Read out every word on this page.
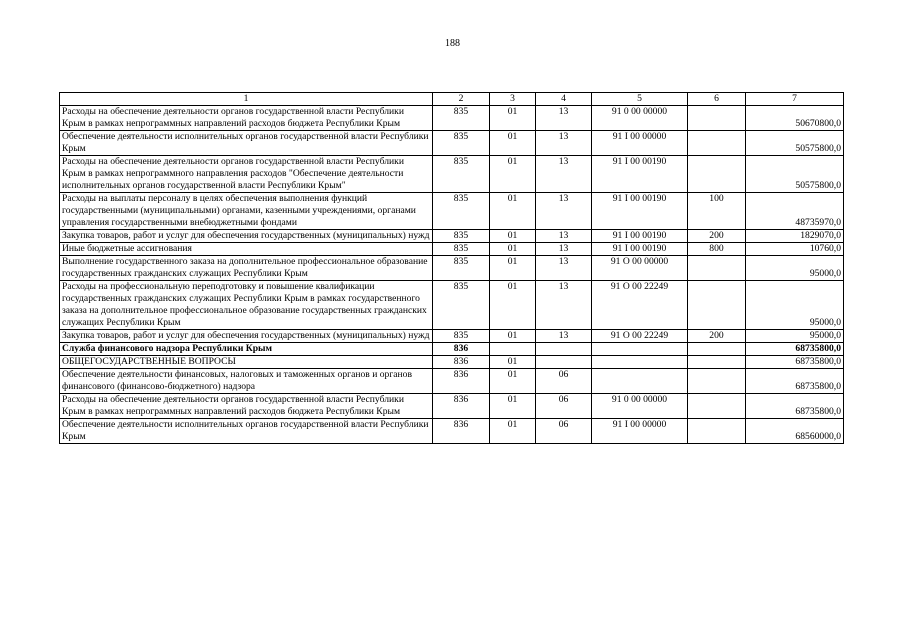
188
1	2	3	4	5	6	7
Расходы на обеспечение деятельности органов государственной власти Республики Крым в рамках непрограммных направлений расходов бюджета Республики Крым	835	01	13	91 0 00 00000		50670800,0
Обеспечение деятельности исполнительных органов государственной власти Республики Крым	835	01	13	91 I 00 00000		50575800,0
Расходы на обеспечение деятельности органов государственной власти Республики Крым в рамках непрограммного направления расходов "Обеспечение деятельности исполнительных органов государственной власти Республики Крым"	835	01	13	91 I 00 00190		50575800,0
Расходы на выплаты персоналу в целях обеспечения выполнения функций государственными (муниципальными) органами, казенными учреждениями, органами управления государственными внебюджетными фондами	835	01	13	91 I 00 00190	100	48735970,0
Закупка товаров, работ и услуг для обеспечения государственных (муниципальных) нужд	835	01	13	91 I 00 00190	200	1829070,0
Иные бюджетные ассигнования	835	01	13	91 I 00 00190	800	10760,0
Выполнение государственного заказа на дополнительное профессиональное образование государственных гражданских служащих Республики Крым	835	01	13	91 O 00 00000		95000,0
Расходы на профессиональную переподготовку и повышение квалификации государственных гражданских служащих Республики Крым в рамках государственного заказа на дополнительное профессиональное образование государственных гражданских служащих Республики Крым	835	01	13	91 O 00 22249		95000,0
Закупка товаров, работ и услуг для обеспечения государственных (муниципальных) нужд	835	01	13	91 O 00 22249	200	95000,0
Служба финансового надзора Республики Крым	836					68735800,0
ОБЩЕГОСУДАРСТВЕННЫЕ ВОПРОСЫ	836	01				68735800,0
Обеспечение деятельности финансовых, налоговых и таможенных органов и органов финансового (финансово-бюджетного) надзора	836	01	06			68735800,0
Расходы на обеспечение деятельности органов государственной власти Республики Крым в рамках непрограммных направлений расходов бюджета Республики Крым	836	01	06	91 0 00 00000		68735800,0
Обеспечение деятельности исполнительных органов государственной власти Республики Крым	836	01	06	91 I 00 00000		68560000,0
